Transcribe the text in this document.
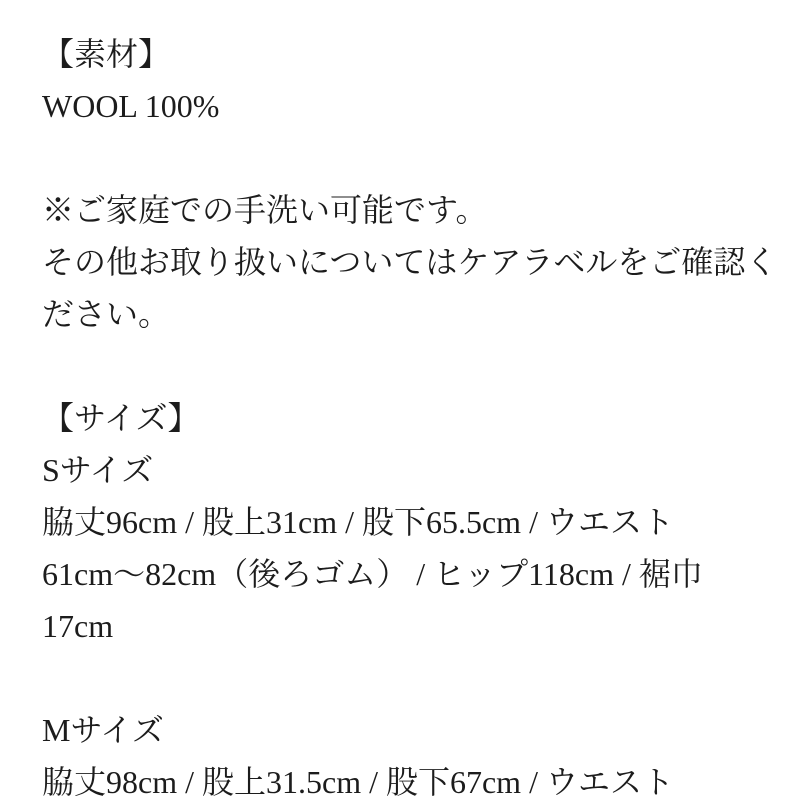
【素材】
WOOL 100%
※ご家庭での手洗い可能です。
その他お取り扱いについてはケアラベルをご確認く
ださい。
【サイズ】
Sサイズ
脇丈96cm / 股上31cm / 股下65.5cm / ウエスト
61cm〜82cm（後ろゴム） / ヒップ118cm / 裾巾
17cm
Mサイズ
脇丈98cm / 股上31.5cm / 股下67cm / ウエスト
